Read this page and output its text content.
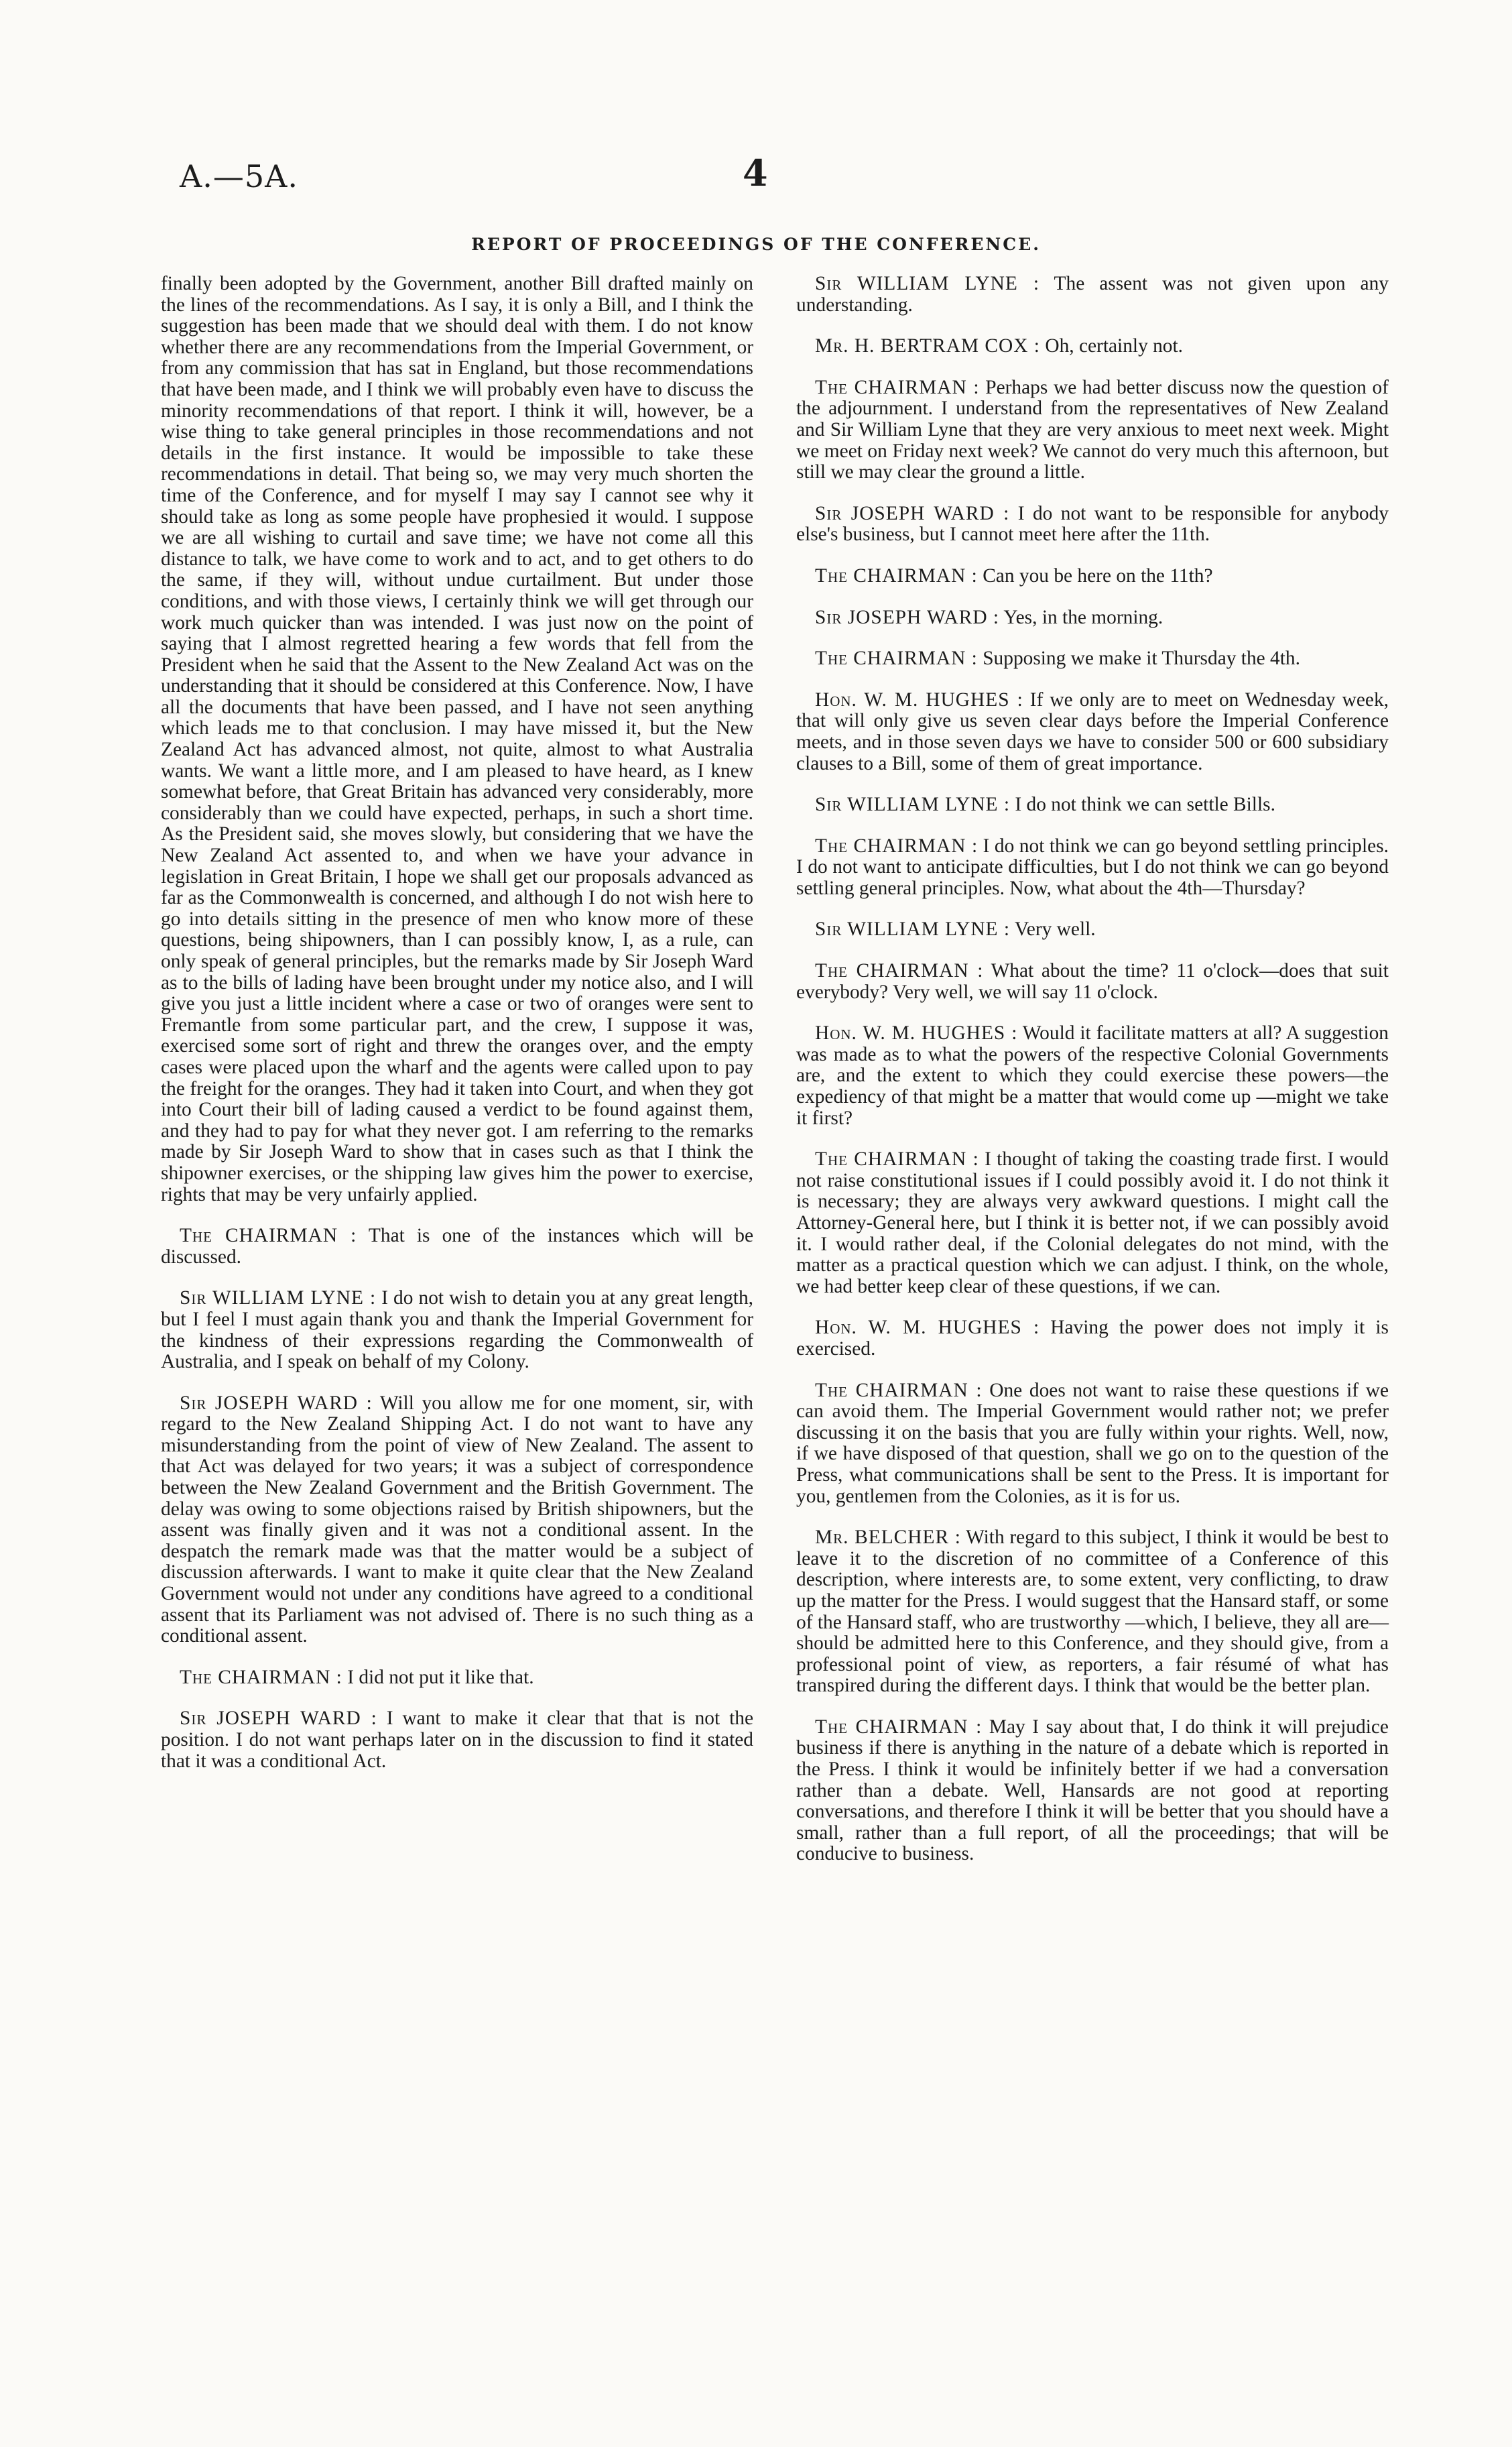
A.—5A.	4
REPORT OF PROCEEDINGS OF THE CONFERENCE.

finally been adopted by the Government, another Bill drafted mainly on the lines of the recommendations. As I say, it is only a Bill, and I think the suggestion has been made that we should deal with them. I do not know whether there are any recommendations from the Imperial Government, or from any commission that has sat in England, but those recommendations that have been made, and I think we will probably even have to discuss the minority recommendations of that report. I think it will, however, be a wise thing to take general principles in those recommendations and not details in the first instance. It would be impossible to take these recommendations in detail. That being so, we may very much shorten the time of the Conference, and for myself I may say I cannot see why it should take as long as some people have prophesied it would. I suppose we are all wishing to curtail and save time; we have not come all this distance to talk, we have come to work and to act, and to get others to do the same, if they will, without undue curtailment. But under those conditions, and with those views, I certainly think we will get through our work much quicker than was intended. I was just now on the point of saying that I almost regretted hearing a few words that fell from the President when he said that the Assent to the New Zealand Act was on the understanding that it should be considered at this Conference. Now, I have all the documents that have been passed, and I have not seen anything which leads me to that conclusion. I may have missed it, but the New Zealand Act has advanced almost, not quite, almost to what Australia wants. We want a little more, and I am pleased to have heard, as I knew somewhat before, that Great Britain has advanced very considerably, more considerably than we could have expected, perhaps, in such a short time. As the President said, she moves slowly, but considering that we have the New Zealand Act assented to, and when we have your advance in legislation in Great Britain, I hope we shall get our proposals advanced as far as the Commonwealth is concerned, and although I do not wish here to go into details sitting in the presence of men who know more of these questions, being shipowners, than I can possibly know, I, as a rule, can only speak of general principles, but the remarks made by Sir Joseph Ward as to the bills of lading have been brought under my notice also, and I will give you just a little incident where a case or two of oranges were sent to Fremantle from some particular part, and the crew, I suppose it was, exercised some sort of right and threw the oranges over, and the empty cases were placed upon the wharf and the agents were called upon to pay the freight for the oranges. They had it taken into Court, and when they got into Court their bill of lading caused a verdict to be found against them, and they had to pay for what they never got. I am referring to the remarks made by Sir Joseph Ward to show that in cases such as that I think the shipowner exercises, or the shipping law gives him the power to exercise, rights that may be very unfairly applied.

The CHAIRMAN : That is one of the instances which will be discussed.

Sir WILLIAM LYNE : I do not wish to detain you at any great length, but I feel I must again thank you and thank the Imperial Government for the kindness of their expressions regarding the Commonwealth of Australia, and I speak on behalf of my Colony.

Sir JOSEPH WARD : Will you allow me for one moment, sir, with regard to the New Zealand Shipping Act. I do not want to have any misunderstanding from the point of view of New Zealand. The assent to that Act was delayed for two years; it was a subject of correspondence between the New Zealand Government and the British Government. The delay was owing to some objections raised by British shipowners, but the assent was finally given and it was not a conditional assent. In the despatch the remark made was that the matter would be a subject of discussion afterwards. I want to make it quite clear that the New Zealand Government would not under any conditions have agreed to a conditional assent that its Parliament was not advised of. There is no such thing as a conditional assent.

The CHAIRMAN : I did not put it like that.

Sir JOSEPH WARD : I want to make it clear that that is not the position. I do not want perhaps later on in the discussion to find it stated that it was a conditional Act.

Sir WILLIAM LYNE : The assent was not given upon any understanding.

Mr. H. BERTRAM COX : Oh, certainly not.

The CHAIRMAN : Perhaps we had better discuss now the question of the adjournment. I understand from the representatives of New Zealand and Sir William Lyne that they are very anxious to meet next week. Might we meet on Friday next week? We cannot do very much this afternoon, but still we may clear the ground a little.

Sir JOSEPH WARD : I do not want to be responsible for anybody else's business, but I cannot meet here after the 11th.

The CHAIRMAN : Can you be here on the 11th?

Sir JOSEPH WARD : Yes, in the morning.

The CHAIRMAN : Supposing we make it Thursday the 4th.

Hon. W. M. HUGHES : If we only are to meet on Wednesday week, that will only give us seven clear days before the Imperial Conference meets, and in those seven days we have to consider 500 or 600 subsidiary clauses to a Bill, some of them of great importance.

Sir WILLIAM LYNE : I do not think we can settle Bills.

The CHAIRMAN : I do not think we can go beyond settling principles. I do not want to anticipate difficulties, but I do not think we can go beyond settling general principles. Now, what about the 4th—Thursday?

Sir WILLIAM LYNE : Very well.

The CHAIRMAN : What about the time? 11 o'clock—does that suit everybody? Very well, we will say 11 o'clock.

Hon. W. M. HUGHES : Would it facilitate matters at all? A suggestion was made as to what the powers of the respective Colonial Governments are, and the extent to which they could exercise these powers—the expediency of that might be a matter that would come up —might we take it first?

The CHAIRMAN : I thought of taking the coasting trade first. I would not raise constitutional issues if I could possibly avoid it. I do not think it is necessary; they are always very awkward questions. I might call the Attorney-General here, but I think it is better not, if we can possibly avoid it. I would rather deal, if the Colonial delegates do not mind, with the matter as a practical question which we can adjust. I think, on the whole, we had better keep clear of these questions, if we can.

Hon. W. M. HUGHES : Having the power does not imply it is exercised.

The CHAIRMAN : One does not want to raise these questions if we can avoid them. The Imperial Government would rather not; we prefer discussing it on the basis that you are fully within your rights. Well, now, if we have disposed of that question, shall we go on to the question of the Press, what communications shall be sent to the Press. It is important for you, gentlemen from the Colonies, as it is for us.

Mr. BELCHER : With regard to this subject, I think it would be best to leave it to the discretion of no committee of a Conference of this description, where interests are, to some extent, very conflicting, to draw up the matter for the Press. I would suggest that the Hansard staff, or some of the Hansard staff, who are trustworthy —which, I believe, they all are—should be admitted here to this Conference, and they should give, from a professional point of view, as reporters, a fair résumé of what has transpired during the different days. I think that would be the better plan.

The CHAIRMAN : May I say about that, I do think it will prejudice business if there is anything in the nature of a debate which is reported in the Press. I think it would be infinitely better if we had a conversation rather than a debate. Well, Hansards are not good at reporting conversations, and therefore I think it will be better that you should have a small, rather than a full report, of all the proceedings; that will be conducive to business.
